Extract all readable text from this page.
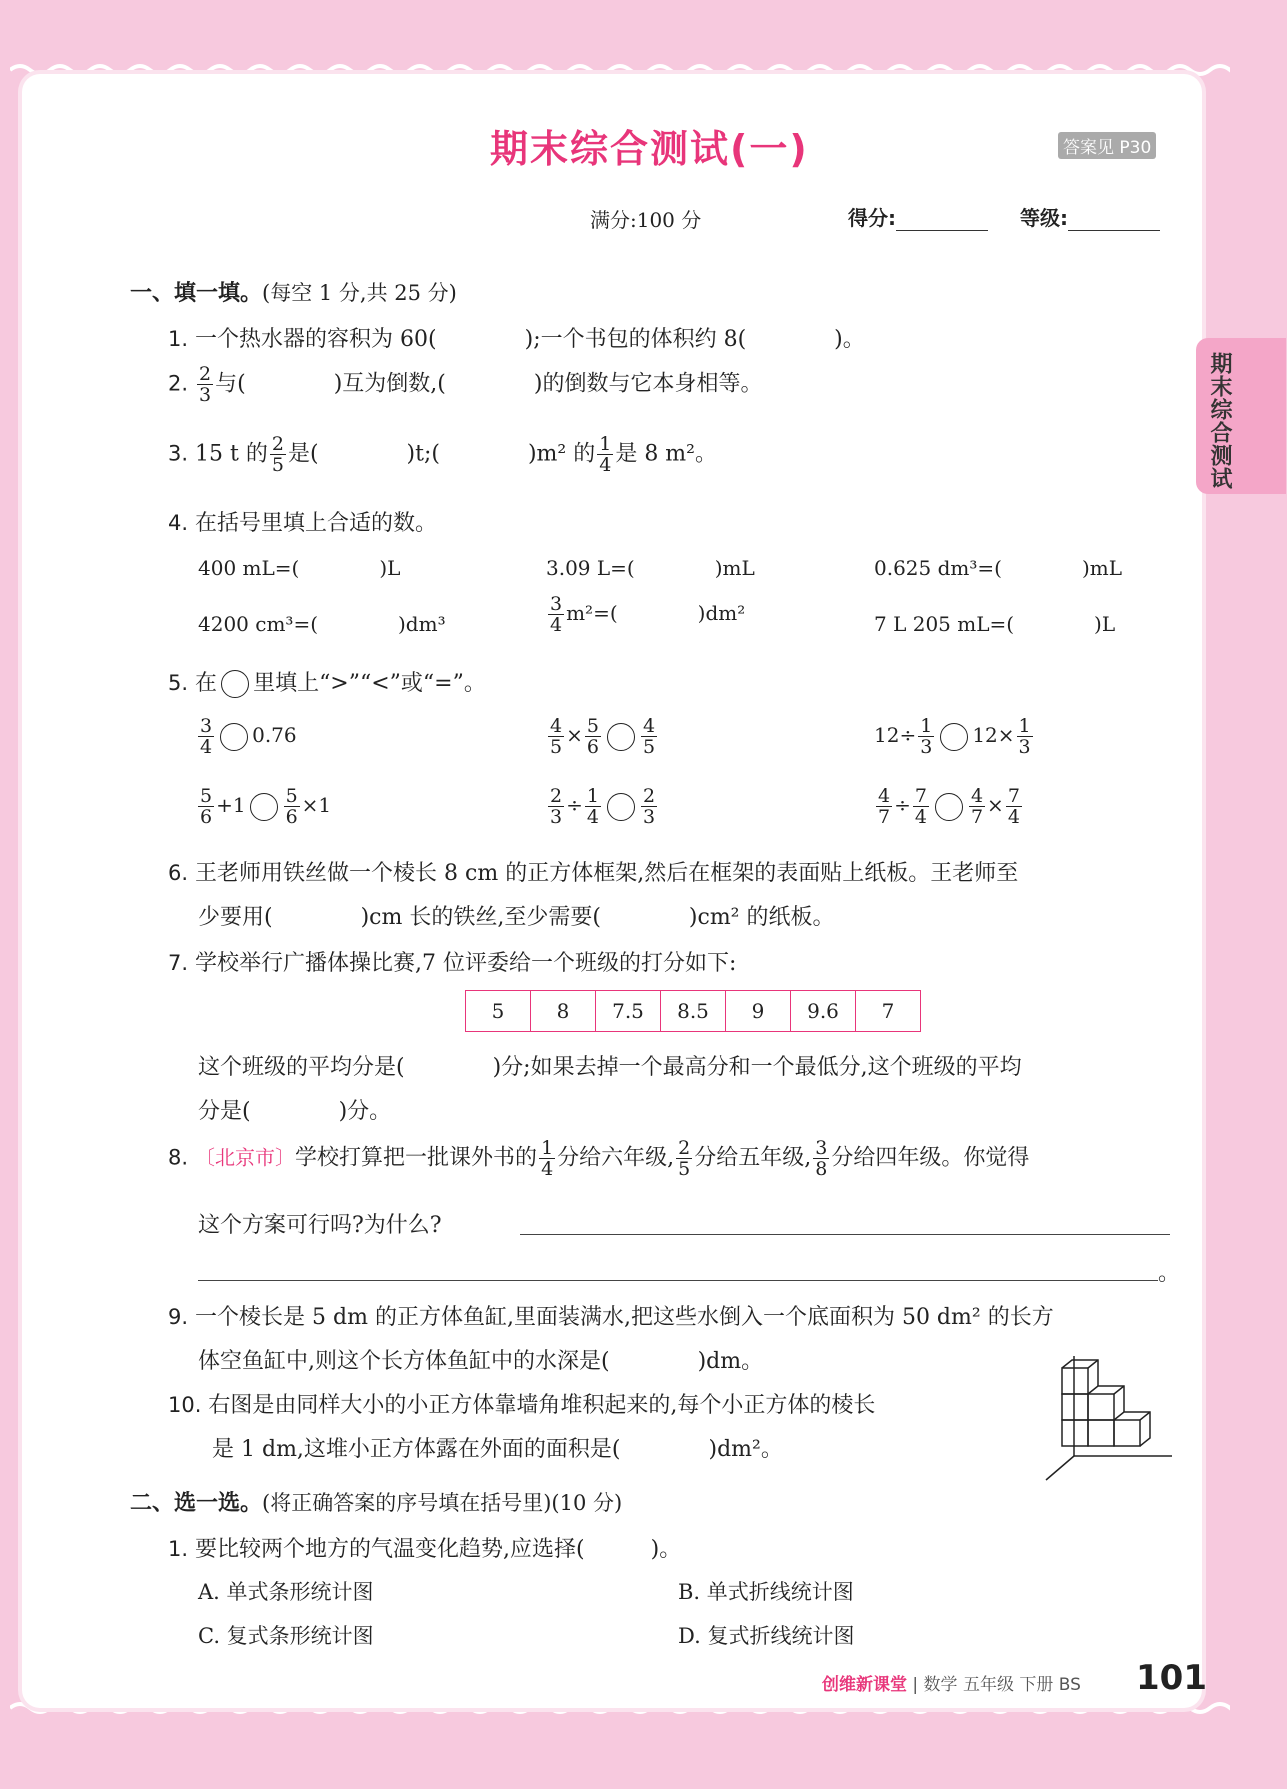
期末综合测试
期末综合测试(一)	答案见 P30
满分:100 分	得分:	等级:
一、填一填。(每空 1 分,共 25 分)
1. 一个热水器的容积为 60(　　　　);一个书包的体积约 8(　　　　)。
2. $\frac{2}{3}$ 与(　　　　)互为倒数,(　　　　)的倒数与它本身相等。
3. 15 t 的 $\frac{2}{5}$ 是(　　　　)t;(　　　　)m² 的 $\frac{1}{4}$ 是 8 m²。
4. 在括号里填上合适的数。
400 mL=(　　　　)L	3.09 L=(　　　　)mL	0.625 dm³=(　　　　)mL
4200 cm³=(　　　　)dm³	$\frac{3}{4} m^2=$(　　　　)dm²	7 L 205 mL=(　　　　)L
5. 在 里填上“>”“<”或“=”。
$\frac{3}{4} 0.76$	$\frac{4}{5} \times \frac{5}{6} \frac{4}{5}$	$12\div \frac{1}{3} 12\times \frac{1}{3}$
$\frac{5}{6} +1 \frac{5}{6} \times 1$	$\frac{2}{3} \div \frac{1}{4} \frac{2}{3}$	$\frac{4}{7} \div \frac{7}{4} \frac{4}{7} \times \frac{7}{4}$
6. 王老师用铁丝做一个棱长 8 cm 的正方体框架,然后在框架的表面贴上纸板。王老师至
少要用(　　　　)cm 长的铁丝,至少需要(　　　　)cm² 的纸板。
7. 学校举行广播体操比赛,7 位评委给一个班级的打分如下:
5	8	7.5	8.5	9	9.6	7
这个班级的平均分是(　　　　)分;如果去掉一个最高分和一个最低分,这个班级的平均
分是(　　　　)分。
8. 〔北京市〕学校打算把一批课外书的 $\frac{1}{4}$ 分给六年级, $\frac{2}{5}$ 分给五年级, $\frac{3}{8}$ 分给四年级。你觉得
这个方案可行吗?为什么?
。
9. 一个棱长是 5 dm 的正方体鱼缸,里面装满水,把这些水倒入一个底面积为 50 dm² 的长方
体空鱼缸中,则这个长方体鱼缸中的水深是(　　　　)dm。
10. 右图是由同样大小的小正方体靠墙角堆积起来的,每个小正方体的棱长
是 1 dm,这堆小正方体露在外面的面积是(　　　　)dm²。
二、选一选。(将正确答案的序号填在括号里)(10 分)
1. 要比较两个地方的气温变化趋势,应选择(　　　)。
A. 单式条形统计图	B. 单式折线统计图
C. 复式条形统计图	D. 复式折线统计图
创维新课堂 | 数学 五年级 下册 BS 101
